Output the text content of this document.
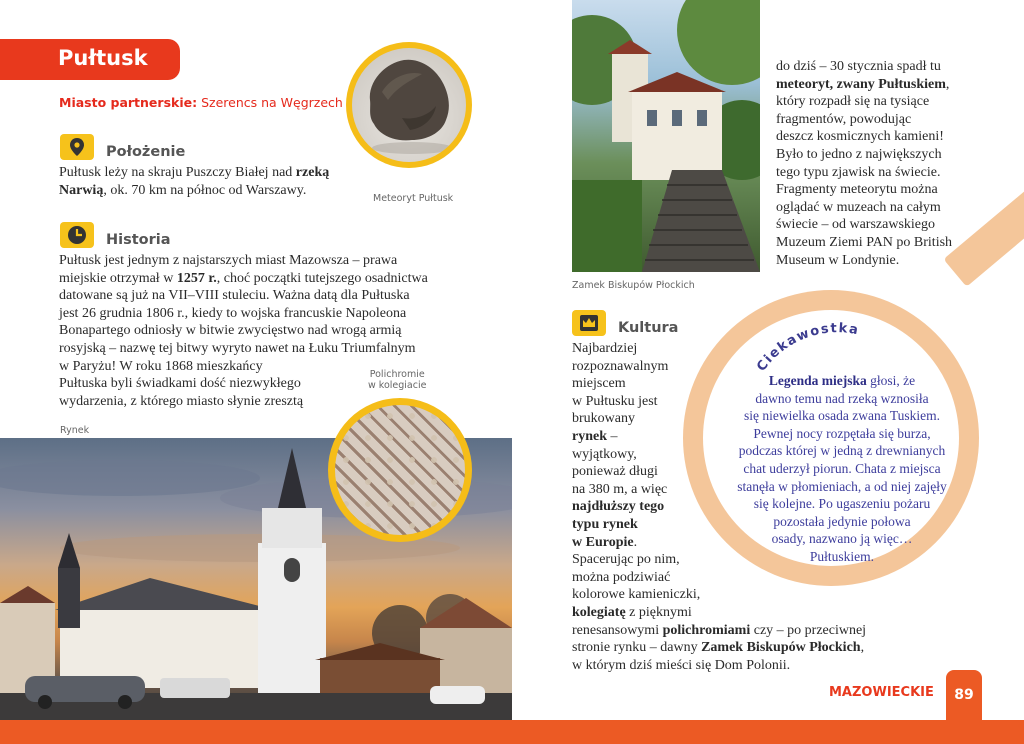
Pułtusk
Miasto partnerskie: Szerencs na Węgrzech
Położenie
Pułtusk leży na skraju Puszczy Białej nad rzeką
Narwią, ok. 70 km na północ od Warszawy.
Meteoryt Pułtusk
Historia
Pułtusk jest jednym z najstarszych miast Mazowsza – prawa
miejskie otrzymał w 1257 r., choć początki tutejszego osadnictwa
datowane są już na VII–VIII stuleciu. Ważna datą dla Pułtuska
jest 26 grudnia 1806 r., kiedy to wojska francuskie Napoleona
Bonapartego odniosły w bitwie zwycięstwo nad wrogą armią
rosyjską – nazwę tej bitwy wyryto nawet na Łuku Triumfalnym
w Paryżu! W roku 1868 mieszkańcy
Pułtuska byli świadkami dość niezwykłego
wydarzenia, z którego miasto słynie zresztą
Polichromie
w kolegiacie
Rynek
Zamek Biskupów Płockich
do dziś – 30 stycznia spadł tu
meteoryt, zwany Pułtuskiem,
który rozpadł się na tysiące
fragmentów, powodując
deszcz kosmicznych kamieni!
Było to jedno z największych
tego typu zjawisk na świecie.
Fragmenty meteorytu można
oglądać w muzeach na całym
świecie – od warszawskiego
Muzeum Ziemi PAN po British
Museum w Londynie.
Ciekawostka
Legenda miejska głosi, że
dawno temu nad rzeką wznosiła
się niewielka osada zwana Tuskiem.
Pewnej nocy rozpętała się burza,
podczas której w jedną z drewnianych
chat uderzył piorun. Chata z miejsca
stanęła w płomieniach, a od niej zajęły
się kolejne. Po ugaszeniu pożaru
pozostała jedynie połowa
osady, nazwano ją więc…
Pułtuskiem.
Kultura
Najbardziej
rozpoznawalnym
miejscem
w Pułtusku jest
brukowany
rynek –
wyjątkowy,
ponieważ długi
na 380 m, a więc
najdłuższy tego
typu rynek
w Europie.
Spacerując po nim,
można podziwiać
kolorowe kamieniczki,
kolegiatę z pięknymi
renesansowymi polichromiami czy – po przeciwnej
stronie rynku – dawny Zamek Biskupów Płockich,
w którym dziś mieści się Dom Polonii.
MAZOWIECKIE	89
